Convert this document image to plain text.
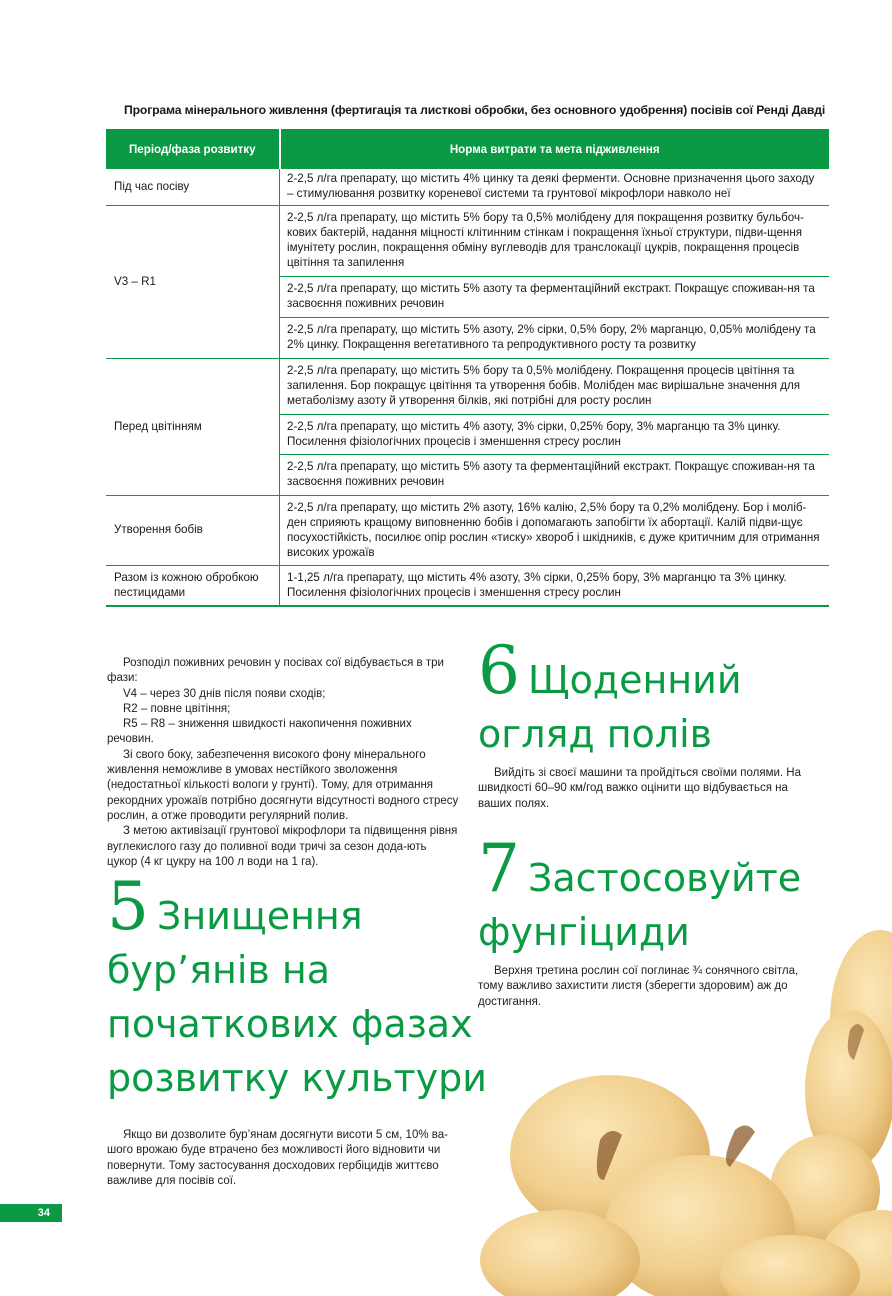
Програма мінерального живлення (фертигація та листкові обробки, без основного удобрення) посівів сої Ренді Давді
Період/фаза розвитку	Норма витрати та мета підживлення
Під час посіву	2-2,5 л/га препарату, що містить 4% цинку та деякі ферменти. Основне призначення цього заходу – стимулювання розвитку кореневої системи та грунтової мікрофлори навколо неї
V3 – R1	2-2,5 л/га препарату, що містить 5% бору та 0,5% молібдену для покращення розвитку бульбоч-кових бактерій, надання міцності клітинним стінкам і покращення їхньої структури, підви-щення імунітету рослин, покращення обміну вуглеводів для транслокації цукрів, покращення процесів цвітіння та запилення
	2-2,5 л/га препарату, що містить 5% азоту та ферментаційний екстракт. Покращує споживан-ня та засвоєння поживних речовин
	2-2,5 л/га препарату, що містить 5% азоту, 2% сірки, 0,5% бору, 2% марганцю, 0,05% молібдену та 2% цинку. Покращення вегетативного та репродуктивного росту та розвитку
Перед цвітінням	2-2,5 л/га препарату, що містить 5% бору та 0,5% молібдену. Покращення процесів цвітіння та запилення. Бор покращує цвітіння та утворення бобів. Молібден має вирішальне значення для метаболізму азоту й утворення білків, які потрібні для росту рослин
	2-2,5 л/га препарату, що містить 4% азоту, 3% сірки, 0,25% бору, 3% марганцю та 3% цинку. Посилення фізіологічних процесів і зменшення стресу рослин
	2-2,5 л/га препарату, що містить 5% азоту та ферментаційний екстракт. Покращує споживан-ня та засвоєння поживних речовин
Утворення бобів	2-2,5 л/га препарату, що містить 2% азоту, 16% калію, 2,5% бору та 0,2% молібдену. Бор і моліб-ден сприяють кращому виповненню бобів і допомагають запобігти їх абортації. Калій підви-щує посухостійкість, посилює опір рослин «тиску» хвороб і шкідників, є дуже критичним для отримання високих урожаїв
Разом із кожною обробкою пестицидами	1-1,25 л/га препарату, що містить 4% азоту, 3% сірки, 0,25% бору, 3% марганцю та 3% цинку. Посилення фізіологічних процесів і зменшення стресу рослин

Розподіл поживних речовин у посівах сої відбувається в три фази:

V4 – через 30 днів після появи сходів;

R2 – повне цвітіння;

R5 – R8 – зниження швидкості накопичення поживних речовин.

Зі свого боку, забезпечення високого фону мінерального живлення неможливе в умовах нестійкого зволоження (недостатньої кількості вологи у грунті). Тому, для отримання рекордних урожаїв потрібно досягнути відсутності водного стресу рослин, а отже проводити регулярний полив.

З метою активізації грунтової мікрофлори та підвищення рівня вуглекислого газу до поливної води тричі за сезон дода-ють цукор (4 кг цукру на 100 л води на 1 га).

5 Знищення
бур’янів на
початкових фазах
розвитку культури

Якщо ви дозволите бур’янам досягнути висоти 5 см, 10% ва-шого врожаю буде втрачено без можливості його відновити чи повернути. Тому застосування досходових гербіцидів життєво важливе для посівів сої.

6 Щоденний
огляд полів

Вийдіть зі своєї машини та пройдіться своїми полями. На швидкості 60–90 км/год важко оцінити що відбувається на ваших полях.

7 Застосовуйте
фунгіциди

Верхня третина рослин сої поглинає ¾ сонячного світла, тому важливо захистити листя (зберегти здоровим) аж до достигання.

34
